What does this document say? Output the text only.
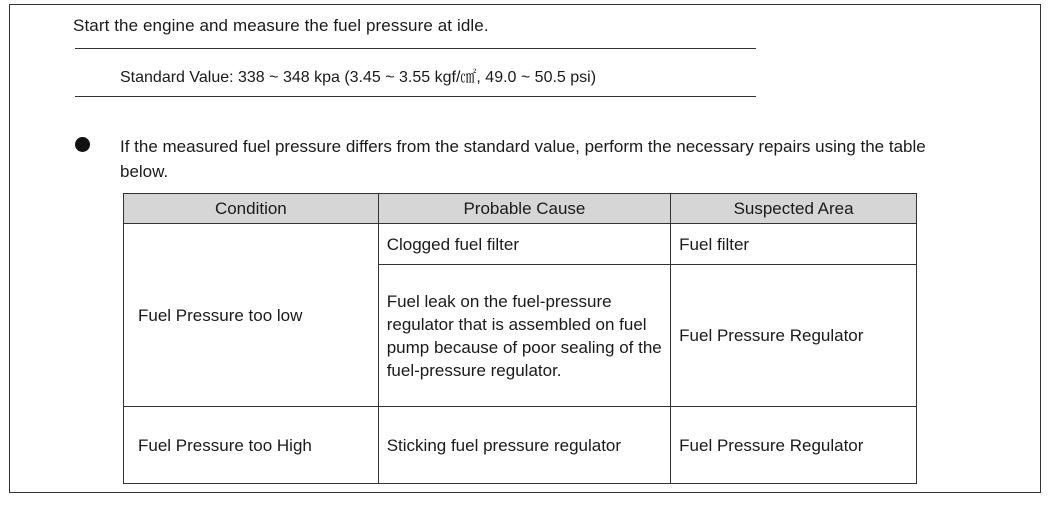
Start the engine and measure the fuel pressure at idle.

Standard Value: 338 ~ 348 kpa (3.45 ~ 3.55 kgf/㎠, 49.0 ~ 50.5 psi)

If the measured fuel pressure differs from the standard value, perform the necessary repairs using the table below.

Condition	Probable Cause	Suspected Area
Fuel Pressure too low	Clogged fuel filter	Fuel filter
	Fuel leak on the fuel-pressure regulator that is assembled on fuel pump because of poor sealing of the fuel-pressure regulator.	Fuel Pressure Regulator
Fuel Pressure too High	Sticking fuel pressure regulator	Fuel Pressure Regulator
